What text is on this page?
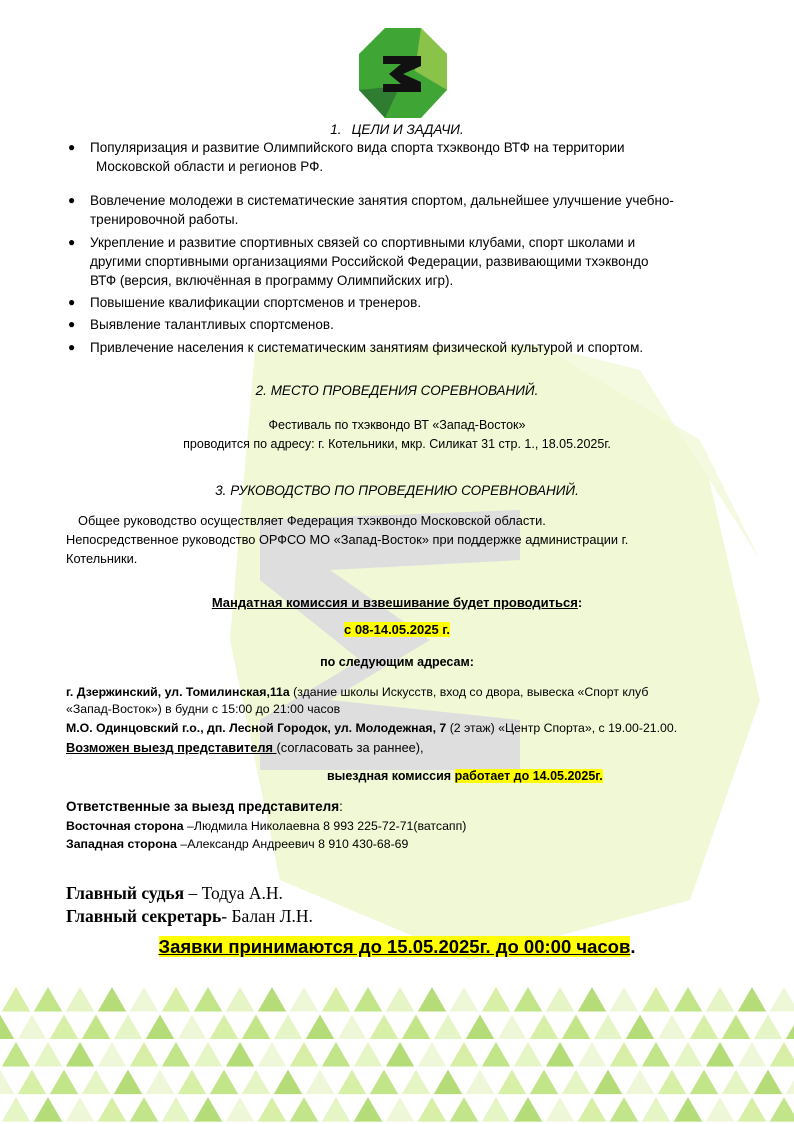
1. ЦЕЛИ И ЗАДАЧИ.
● Популяризация и развитие Олимпийского вида спорта тхэквондо ВТФ на территории
Московской области и регионов РФ.
● Вовлечение молодежи в систематические занятия спортом, дальнейшее улучшение учебно-
тренировочной работы.
● Укрепление и развитие спортивных связей со спортивными клубами, спорт школами и
другими спортивными организациями Российской Федерации, развивающими тхэквондо
ВТФ (версия, включённая в программу Олимпийских игр).
● Повышение квалификации спортсменов и тренеров.
● Выявление талантливых спортсменов.
● Привлечение населения к систематическим занятиям физической культурой и спортом.
2. МЕСТО ПРОВЕДЕНИЯ СОРЕВНОВАНИЙ.
Фестиваль по тхэквондо ВТ «Запад-Восток»
проводится по адресу: г. Котельники, мкр. Силикат 31 стр. 1., 18.05.2025г.
3. РУКОВОДСТВО ПО ПРОВЕДЕНИЮ СОРЕВНОВАНИЙ.
Общее руководство осуществляет Федерация тхэквондо Московской области.
Непосредственное руководство ОРФСО МО «Запад-Восток» при поддержке администрации г.
Котельники.
Мандатная комиссия и взвешивание будет проводиться:
с 08-14.05.2025 г.
по следующим адресам:
г. Дзержинский, ул. Томилинская,11а (здание школы Искусств, вход со двора, вывеска «Спорт клуб
«Запад-Восток») в будни с 15:00 до 21:00 часов
М.О. Одинцовский г.о., дп. Лесной Городок, ул. Молодежная, 7 (2 этаж) «Центр Спорта», с 19.00-21.00.
Возможен выезд представителя (согласовать за раннее),
выездная комиссия работает до 14.05.2025г.
Ответственные за выезд представителя:
Восточная сторона –Людмила Николаевна 8 993 225-72-71(ватсапп)
Западная сторона –Александр Андреевич 8 910 430-68-69
Главный судья – Тодуа А.Н.
Главный секретарь- Балан Л.Н.
Заявки принимаются до 15.05.2025г. до 00:00 часов.
